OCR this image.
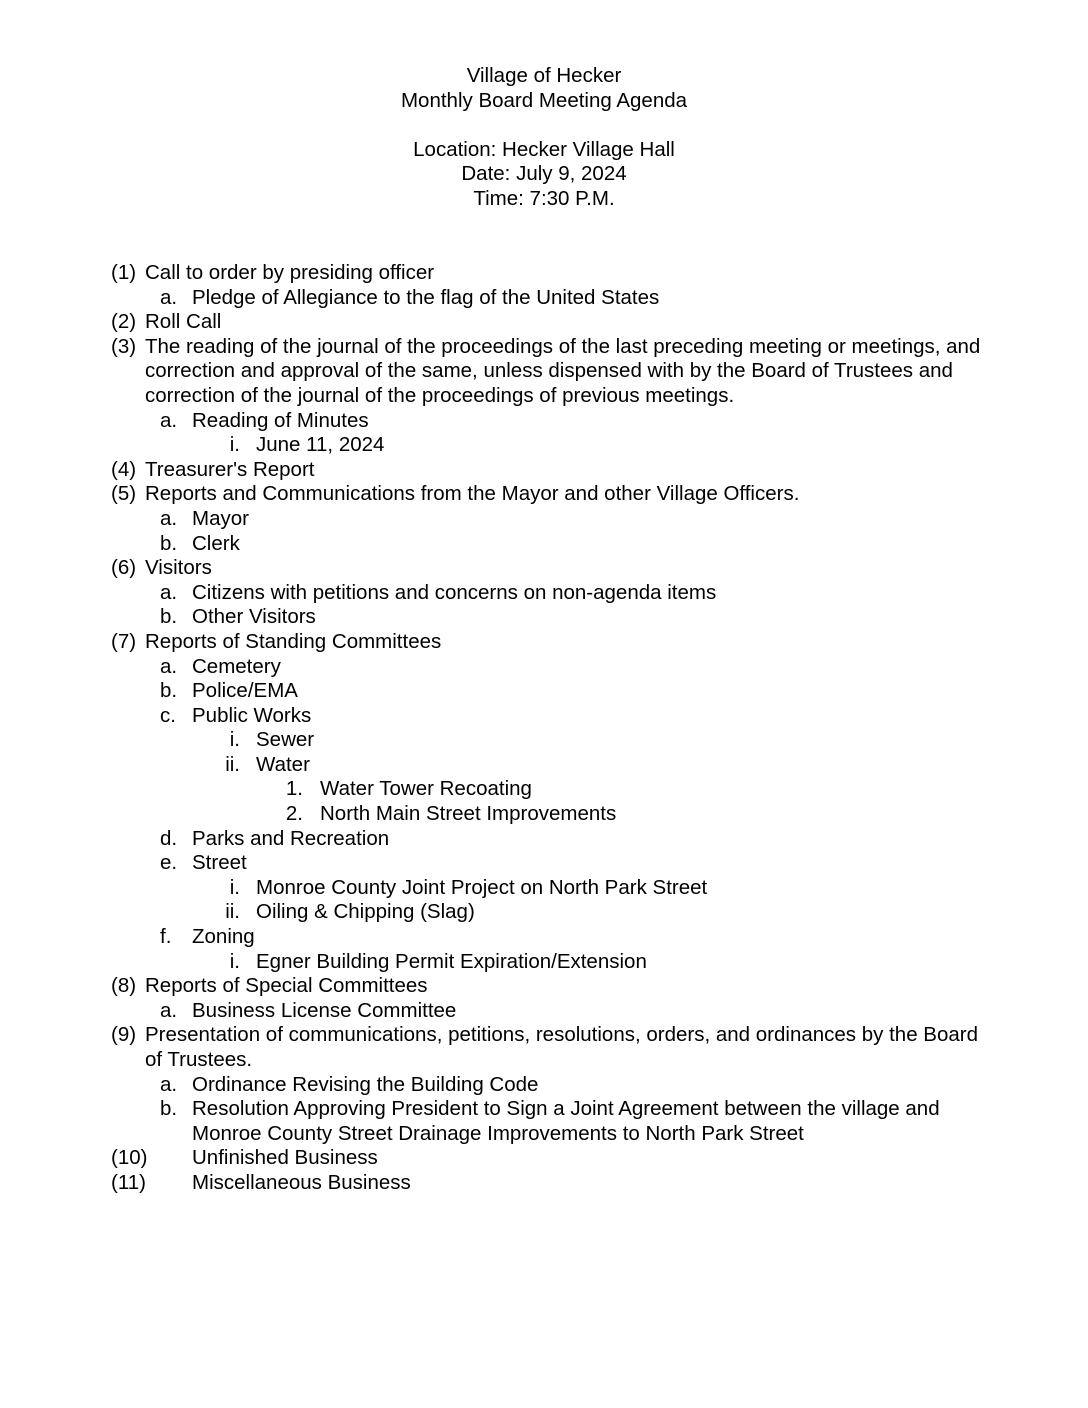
Village of Hecker
Monthly Board Meeting Agenda
Location: Hecker Village Hall
Date: July 9, 2024
Time: 7:30 P.M.
(1) Call to order by presiding officer
a. Pledge of Allegiance to the flag of the United States
(2) Roll Call
(3) The reading of the journal of the proceedings of the last preceding meeting or meetings, and
correction and approval of the same, unless dispensed with by the Board of Trustees and
correction of the journal of the proceedings of previous meetings.
a. Reading of Minutes
i. June 11, 2024
(4) Treasurer's Report
(5) Reports and Communications from the Mayor and other Village Officers.
a. Mayor
b. Clerk
(6) Visitors
a. Citizens with petitions and concerns on non-agenda items
b. Other Visitors
(7) Reports of Standing Committees
a. Cemetery
b. Police/EMA
c. Public Works
i. Sewer
ii. Water
1. Water Tower Recoating
2. North Main Street Improvements
d. Parks and Recreation
e. Street
i. Monroe County Joint Project on North Park Street
ii. Oiling & Chipping (Slag)
f. Zoning
i. Egner Building Permit Expiration/Extension
(8) Reports of Special Committees
a. Business License Committee
(9) Presentation of communications, petitions, resolutions, orders, and ordinances by the Board
of Trustees.
a. Ordinance Revising the Building Code
b. Resolution Approving President to Sign a Joint Agreement between the village and
Monroe County Street Drainage Improvements to North Park Street
(10) Unfinished Business
(11) Miscellaneous Business
